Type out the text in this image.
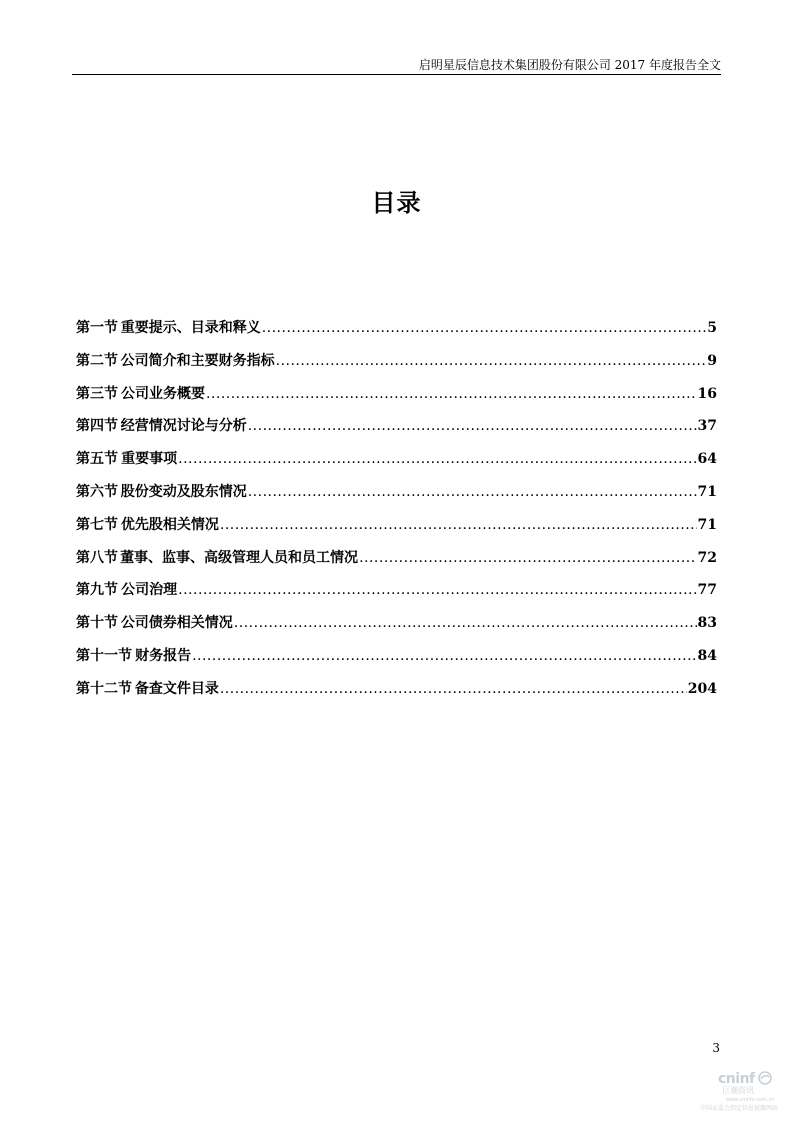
启明星辰信息技术集团股份有限公司 2017 年度报告全文
目录
第一节 重要提示、目录和释义 .....	5
第二节 公司简介和主要财务指标 .....	9
第三节 公司业务概要 .....	16
第四节 经营情况讨论与分析 .....	37
第五节 重要事项 .....	64
第六节 股份变动及股东情况 .....	71
第七节 优先股相关情况 .....	71
第八节 董事、监事、高级管理人员和员工情况 .....	72
第九节 公司治理 .....	77
第十节 公司债券相关情况 .....	83
第十一节 财务报告 .....	84
第十二节 备查文件目录 .....	204
3
cninf
巨潮资讯
www.cninfo.com.cn
中国证监会指定信息披露网站
